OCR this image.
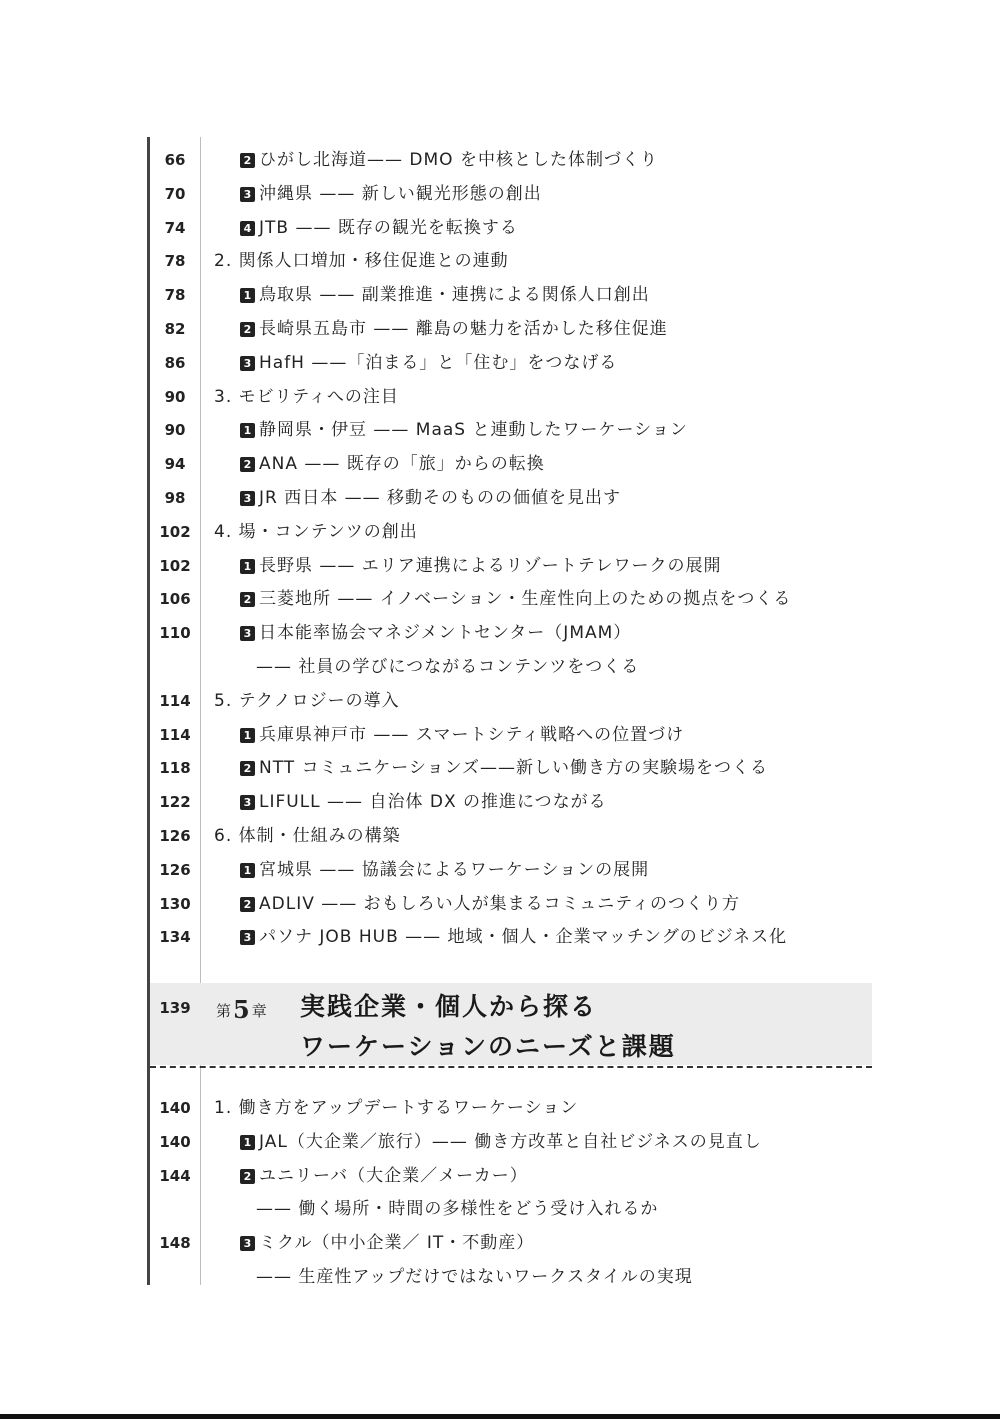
66	2 ひがし北海道—— DMO を中核とした体制づくり
70	3 沖縄県 —— 新しい観光形態の創出
74	4 JTB —— 既存の観光を転換する
78	2. 関係人口増加・移住促進との連動
78	1 鳥取県 —— 副業推進・連携による関係人口創出
82	2 長崎県五島市 —— 離島の魅力を活かした移住促進
86	3 HafH ——「泊まる」と「住む」をつなげる
90	3. モビリティへの注目
90	1 静岡県・伊豆 —— MaaS と連動したワーケーション
94	2 ANA —— 既存の「旅」からの転換
98	3 JR 西日本 —— 移動そのものの価値を見出す
102	4. 場・コンテンツの創出
102	1 長野県 —— エリア連携によるリゾートテレワークの展開
106	2 三菱地所 —— イノベーション・生産性向上のための拠点をつくる
110	3 日本能率協会マネジメントセンター（JMAM）
—— 社員の学びにつながるコンテンツをつくる
114	5. テクノロジーの導入
114	1 兵庫県神戸市 —— スマートシティ戦略への位置づけ
118	2 NTT コミュニケーションズ——新しい働き方の実験場をつくる
122	3 LIFULL —— 自治体 DX の推進につながる
126	6. 体制・仕組みの構築
126	1 宮城県 —— 協議会によるワーケーションの展開
130	2 ADLIV —— おもしろい人が集まるコミュニティのつくり方
134	3 パソナ JOB HUB —— 地域・個人・企業マッチングのビジネス化
139	第5 章 実践企業・個人から探る
ワーケーションのニーズと課題
140	1. 働き方をアップデートするワーケーション
140	1 JAL（大企業／旅行）—— 働き方改革と自社ビジネスの見直し
144	2 ユニリーバ（大企業／メーカー）
—— 働く場所・時間の多様性をどう受け入れるか
148	3 ミクル（中小企業／ IT・不動産）
—— 生産性アップだけではないワークスタイルの実現
